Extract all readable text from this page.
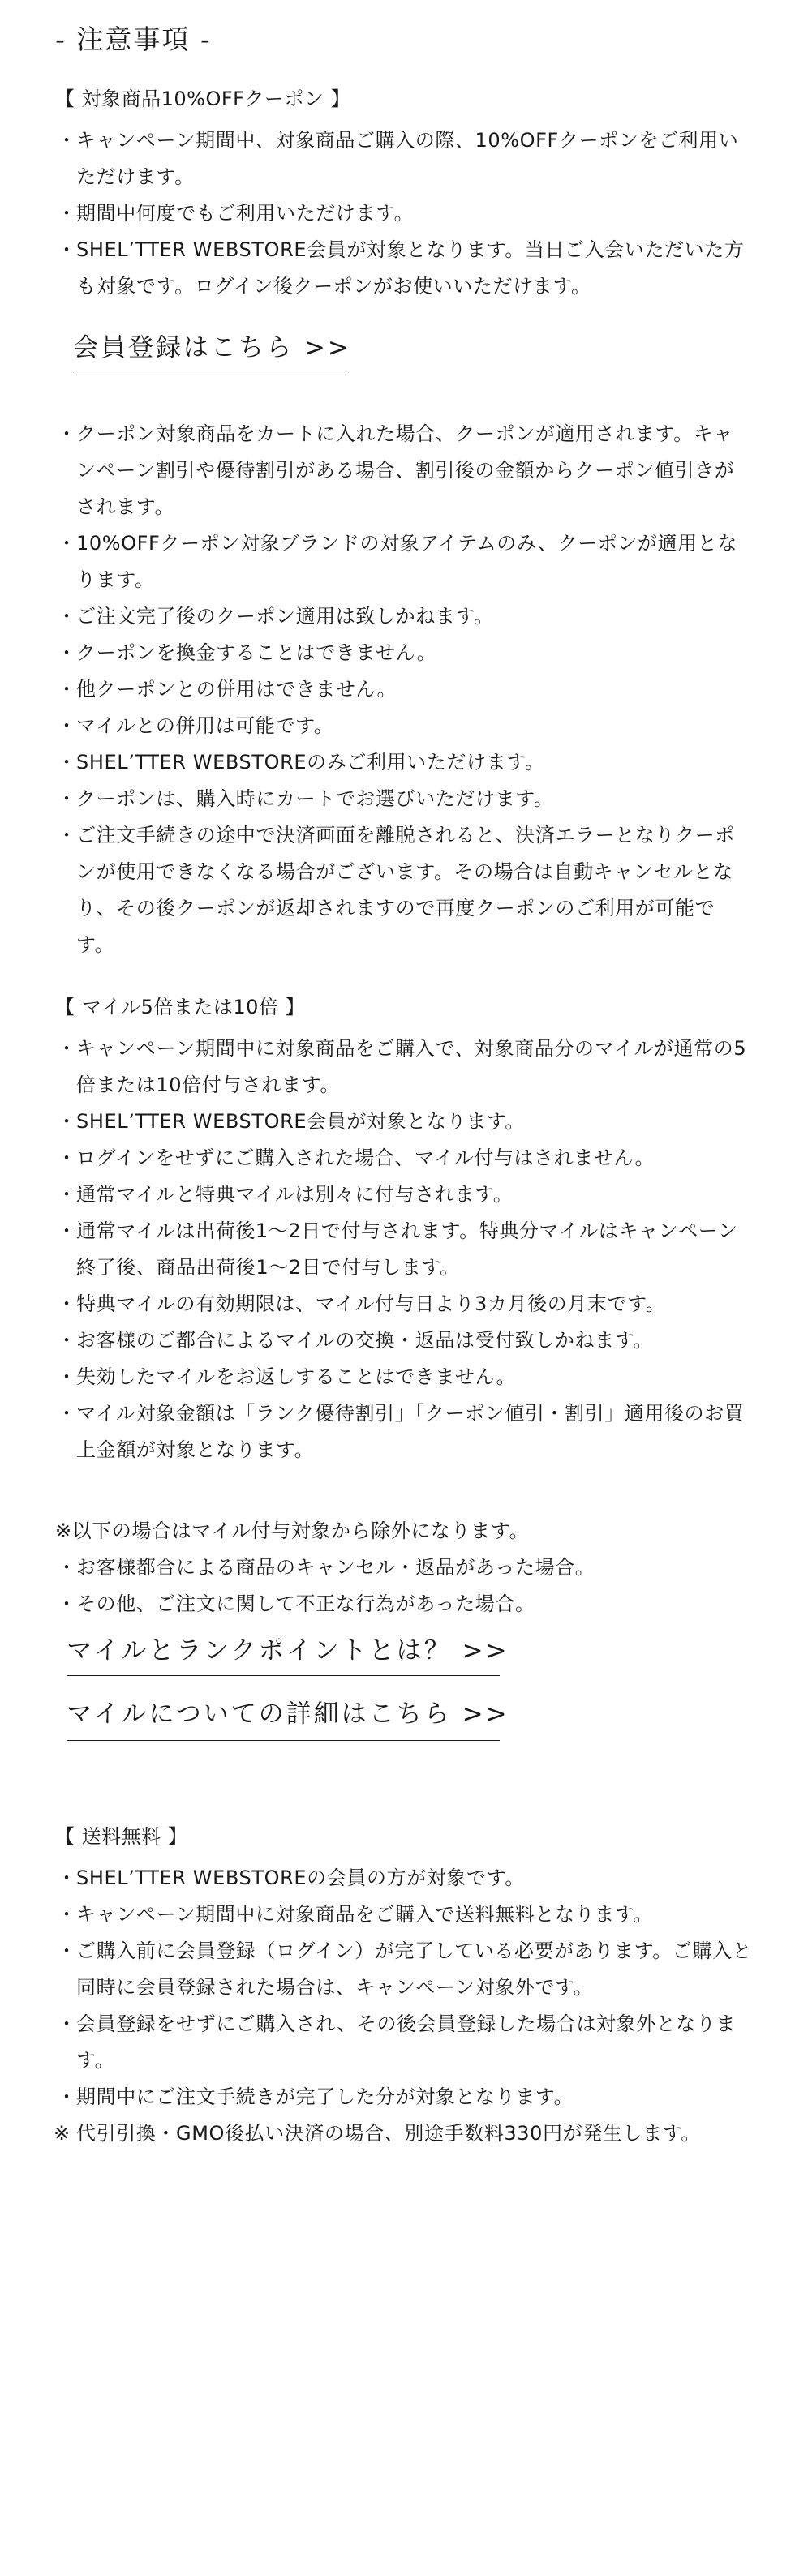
- 注意事項 -
【 対象商品10%OFFクーポン 】
・ キャンペーン期間中、対象商品ご購入の際、10%OFFクーポンをご利用いただけます。
・ 期間中何度でもご利用いただけます。
・ SHEL’TTER WEBSTORE会員が対象となります。当日ご入会いただいた方も対象です。ログイン後クーポンがお使いいただけます。
会員登録はこちら >>
・ クーポン対象商品をカートに入れた場合、クーポンが適用されます。キャンペーン割引や優待割引がある場合、割引後の金額からクーポン値引きがされます。
・ 10%OFFクーポン対象ブランドの対象アイテムのみ、クーポンが適用となります。
・ ご注文完了後のクーポン適用は致しかねます。
・ クーポンを換金することはできません。
・ 他クーポンとの併用はできません。
・ マイルとの併用は可能です。
・ SHEL’TTER WEBSTOREのみご利用いただけます。
・ クーポンは、購入時にカートでお選びいただけます。
・ ご注文手続きの途中で決済画面を離脱されると、決済エラーとなりクーポンが使用できなくなる場合がございます。その場合は自動キャンセルとなり、その後クーポンが返却されますので再度クーポンのご利用が可能です。
【 マイル5倍または10倍 】
・ キャンペーン期間中に対象商品をご購入で、対象商品分のマイルが通常の5倍または10倍付与されます。
・ SHEL’TTER WEBSTORE会員が対象となります。
・ ログインをせずにご購入された場合、マイル付与はされません。
・ 通常マイルと特典マイルは別々に付与されます。
・ 通常マイルは出荷後1〜2日で付与されます。特典分マイルはキャンペーン終了後、商品出荷後1〜2日で付与します。
・ 特典マイルの有効期限は、マイル付与日より3カ月後の月末です。
・ お客様のご都合によるマイルの交換・返品は受付致しかねます。
・ 失効したマイルをお返しすることはできません。
・ マイル対象金額は「ランク優待割引」「クーポン値引・割引」適用後のお買上金額が対象となります。
※以下の場合はマイル付与対象から除外になります。
・ お客様都合による商品のキャンセル・返品があった場合。
・ その他、ご注文に関して不正な行為があった場合。
マイルとランクポイントとは？ >>
マイルについての詳細はこちら >>
【 送料無料 】
・ SHEL’TTER WEBSTOREの会員の方が対象です。
・ キャンペーン期間中に対象商品をご購入で送料無料となります。
・ ご購入前に会員登録（ログイン）が完了している必要があります。ご購入と同時に会員登録された場合は、キャンペーン対象外です。
・ 会員登録をせずにご購入され、その後会員登録した場合は対象外となります。
・ 期間中にご注文手続きが完了した分が対象となります。
※ 代引引換・GMO後払い決済の場合、別途手数料330円が発生します。
